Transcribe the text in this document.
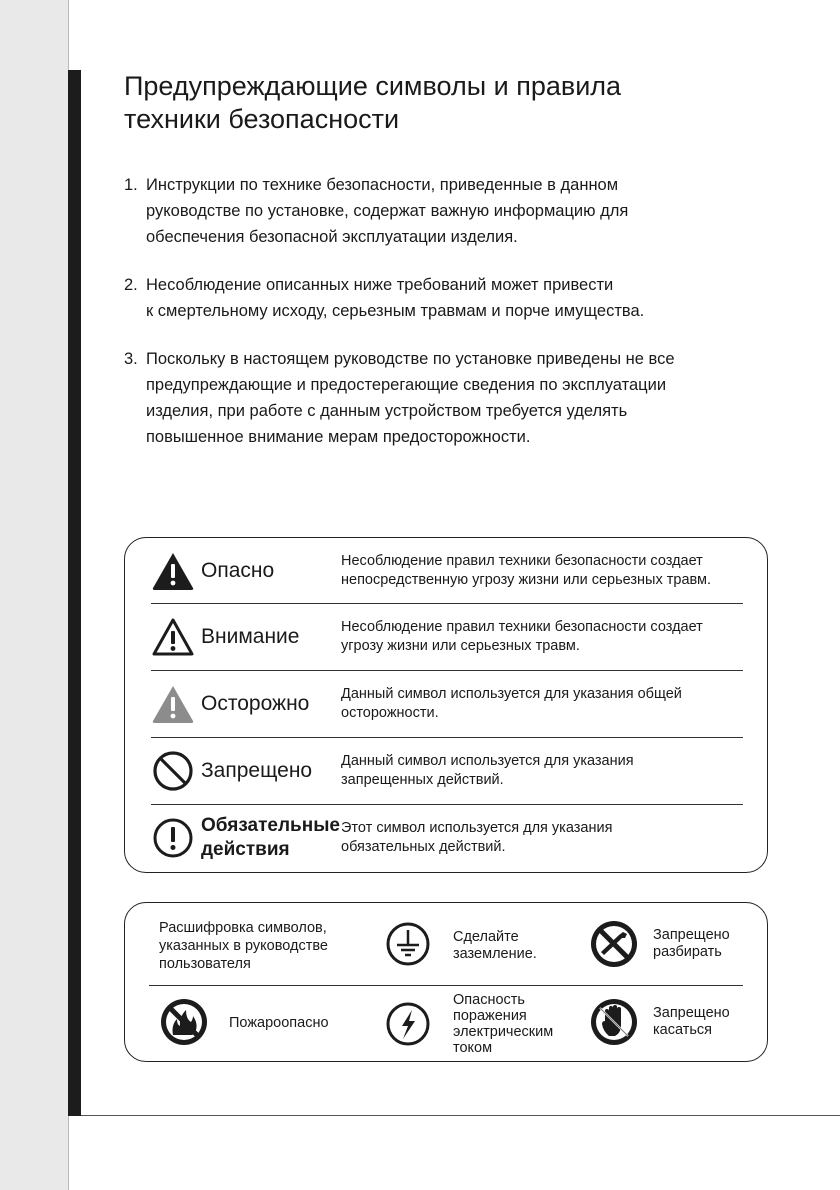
Предупреждающие символы и правила
техники безопасности
1. Инструкции по технике безопасности, приведенные в данном
руководстве по установке, содержат важную информацию для
обеспечения безопасной эксплуатации изделия.
2. Несоблюдение описанных ниже требований может привести
к смертельному исходу, серьезным травмам и порче имущества.
3. Поскольку в настоящем руководстве по установке приведены не все
предупреждающие и предостерегающие сведения по эксплуатации
изделия, при работе с данным устройством требуется уделять
повышенное внимание мерам предосторожности.
Опасно	Несоблюдение правил техники безопасности создает
непосредственную угрозу жизни или серьезных травм.
Внимание	Несоблюдение правил техники безопасности создает
угрозу жизни или серьезных травм.
Осторожно Данный символ используется для указания общей
осторожности.
Запрещено Данный символ используется для указания
запрещенных действий.
Обязательные
действия
Этот символ используется для указания
обязательных действий.
Расшифровка символов,
указанных в руководстве
пользователя
Сделайте
заземление.
Запрещено
разбирать
Пожароопасно
Опасность
поражения
электрическим
током
Запрещено
касаться
